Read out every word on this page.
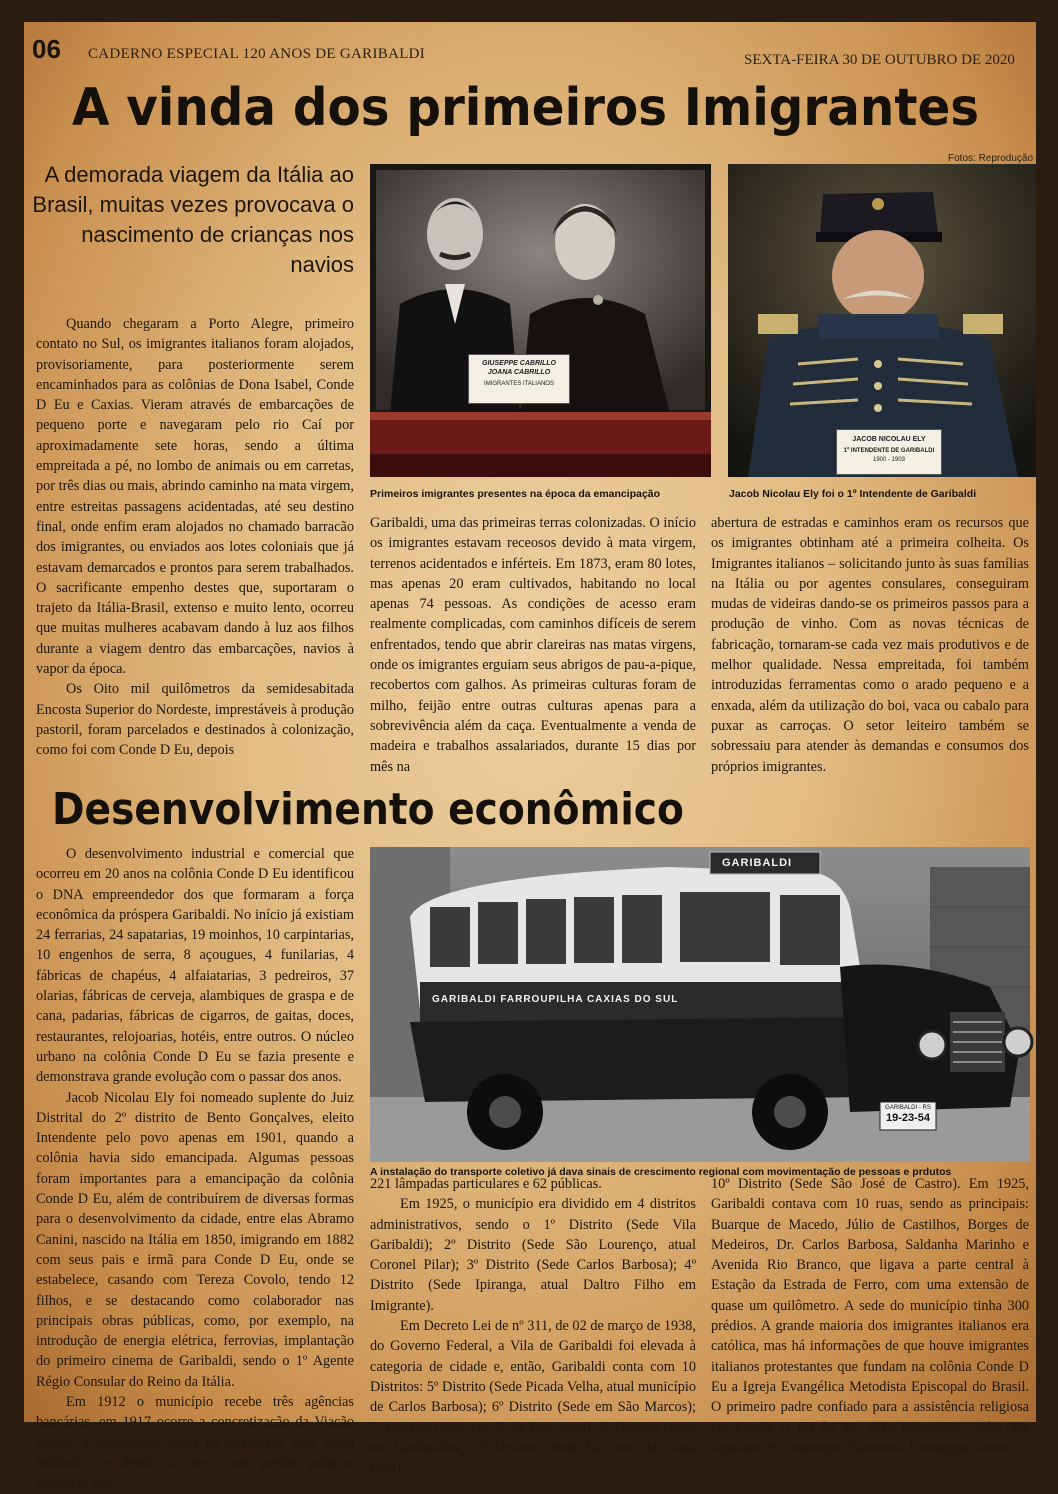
06 CADERNO ESPECIAL 120 ANOS DE GARIBALDI	SEXTA-FEIRA 30 DE OUTUBRO DE 2020
A vinda dos primeiros Imigrantes
Fotos: Reprodução
A demorada viagem da Itália ao Brasil, muitas vezes provocava o nascimento de crianças nos navios
GIUSEPPE CABRILLO
JOANA CABRILLO
IMIGRANTES ITALIANOS
Primeiros imigrantes presentes na época da emancipação
JACOB NICOLAU ELY
1º INTENDENTE DE GARIBALDI
1900 - 1903
Jacob Nicolau Ely foi o 1º Intendente de Garibaldi

Quando chegaram a Porto Alegre, primeiro contato no Sul, os imigrantes italianos foram alojados, provisoriamente, para posteriormente serem encaminhados para as colônias de Dona Isabel, Conde D Eu e Caxias. Vieram através de embarcações de pequeno porte e navegaram pelo rio Caí por aproximadamente sete horas, sendo a última empreitada a pé, no lombo de animais ou em carretas, por três dias ou mais, abrindo caminho na mata virgem, entre estreitas passagens acidentadas, até seu destino final, onde enfim eram alojados no chamado barracão dos imigrantes, ou enviados aos lotes coloniais que já estavam demarcados e prontos para serem trabalhados. O sacrificante empenho destes que, suportaram o trajeto da Itália-Brasil, extenso e muito lento, ocorreu que muitas mulheres acabavam dando à luz aos filhos durante a viagem dentro das embarcações, navios à vapor da época.

Os Oito mil quilômetros da semidesabitada Encosta Superior do Nordeste, imprestáveis à produção pastoril, foram parcelados e destinados à colonização, como foi com Conde D Eu, depois

Garibaldi, uma das primeiras terras colonizadas. O início os imigrantes estavam receosos devido à mata virgem, terrenos acidentados e inférteis. Em 1873, eram 80 lotes, mas apenas 20 eram cultivados, habitando no local apenas 74 pessoas. As condições de acesso eram realmente complicadas, com caminhos difíceis de serem enfrentados, tendo que abrir clareiras nas matas virgens, onde os imigrantes erguiam seus abrigos de pau-a-pique, recobertos com galhos. As primeiras culturas foram de milho, feijão entre outras culturas apenas para a sobrevivência além da caça. Eventualmente a venda de madeira e trabalhos assalariados, durante 15 dias por mês na

abertura de estradas e caminhos eram os recursos que os imigrantes obtinham até a primeira colheita. Os Imigrantes italianos – solicitando junto às suas famílias na Itália ou por agentes consulares, conseguiram mudas de videiras dando-se os primeiros passos para a produção de vinho. Com as novas técnicas de fabricação, tornaram-se cada vez mais produtivos e de melhor qualidade. Nessa empreitada, foi também introduzidas ferramentas como o arado pequeno e a enxada, além da utilização do boi, vaca ou cabalo para puxar as carroças. O setor leiteiro também se sobressaiu para atender às demandas e consumos dos próprios imigrantes.

Desenvolvimento econômico
GARIBALDI
GARIBALDI FARROUPILHA CAXIAS DO SUL
GARIBALDI - RS
19-23-54
A instalação do transporte coletivo já dava sinais de crescimento regional com movimentação de pessoas e prdutos

O desenvolvimento industrial e comercial que ocorreu em 20 anos na colônia Conde D Eu identificou o DNA empreendedor dos que formaram a força econômica da próspera Garibaldi. No início já existiam 24 ferrarias, 24 sapatarias, 19 moinhos, 10 carpintarias, 10 engenhos de serra, 8 açougues, 4 funilarias, 4 fábricas de chapéus, 4 alfaiatarias, 3 pedreiros, 37 olarias, fábricas de cerveja, alambiques de graspa e de cana, padarias, fábricas de cigarros, de gaitas, doces, restaurantes, relojoarias, hotéis, entre outros. O núcleo urbano na colônia Conde D Eu se fazia presente e demonstrava grande evolução com o passar dos anos.

Jacob Nicolau Ely foi nomeado suplente do Juiz Distrital do 2º distrito de Bento Gonçalves, eleito Intendente pelo povo apenas em 1901, quando a colônia havia sido emancipada. Algumas pessoas foram importantes para a emancipação da colônia Conde D Eu, além de contribuírem de diversas formas para o desenvolvimento da cidade, entre elas Abramo Canini, nascido na Itália em 1850, imigrando em 1882 com seus pais e irmã para Conde D Eu, onde se estabelece, casando com Tereza Covolo, tendo 12 filhos, e se destacando como colaborador nas principais obras públicas, como, por exemplo, na introdução de energia elétrica, ferrovias, implantação do primeiro cinema de Garibaldi, sendo o 1º Agente Régio Consular do Reino da Itália.

Em 1912 o município recebe três agências bancárias, em 1917 ocorre a concretização da Viação Férrea, a iluminação passa de querosene para usina hidráulica e depois a óleo, com prédio próprio, contando com

221 lâmpadas particulares e 62 públicas.

Em 1925, o município era dividido em 4 distritos administrativos, sendo o 1º Distrito (Sede Vila Garibaldi); 2º Distrito (Sede São Lourenço, atual Coronel Pilar); 3º Distrito (Sede Carlos Barbosa); 4º Distrito (Sede Ipiranga, atual Daltro Filho em Imigrante).

Em Decreto Lei de nº 311, de 02 de março de 1938, do Governo Federal, a Vila de Garibaldi foi elevada à categoria de cidade e, então, Garibaldi conta com 10 Distritos: 5º Distrito (Sede Picada Velha, atual município de Carlos Barbosa); 6º Distrito (Sede em São Marcos); 7º Distrito (Sede em 27 da Boa Vista); 8º Distrito (Sede em Garibaldina); 9º Distrito (Sede São José de Costa Real);

10º Distrito (Sede São José de Castro). Em 1925, Garibaldi contava com 10 ruas, sendo as principais: Buarque de Macedo, Júlio de Castilhos, Borges de Medeiros, Dr. Carlos Barbosa, Saldanha Marinho e Avenida Rio Branco, que ligava a parte central à Estação da Estrada de Ferro, com uma extensão de quase um quilômetro. A sede do município tinha 300 prédios. A grande maioria dos imigrantes italianos era católica, mas há informações de que houve imigrantes italianos protestantes que fundam na colônia Conde D Eu a Igreja Evangélica Metodista Episcopal do Brasil. O primeiro padre confiado para a assistência religiosa em Conde D Eu foi Pe. João Menegotto, além dos capelães Pe. Domingos Palermo e Domingos Grasso.
